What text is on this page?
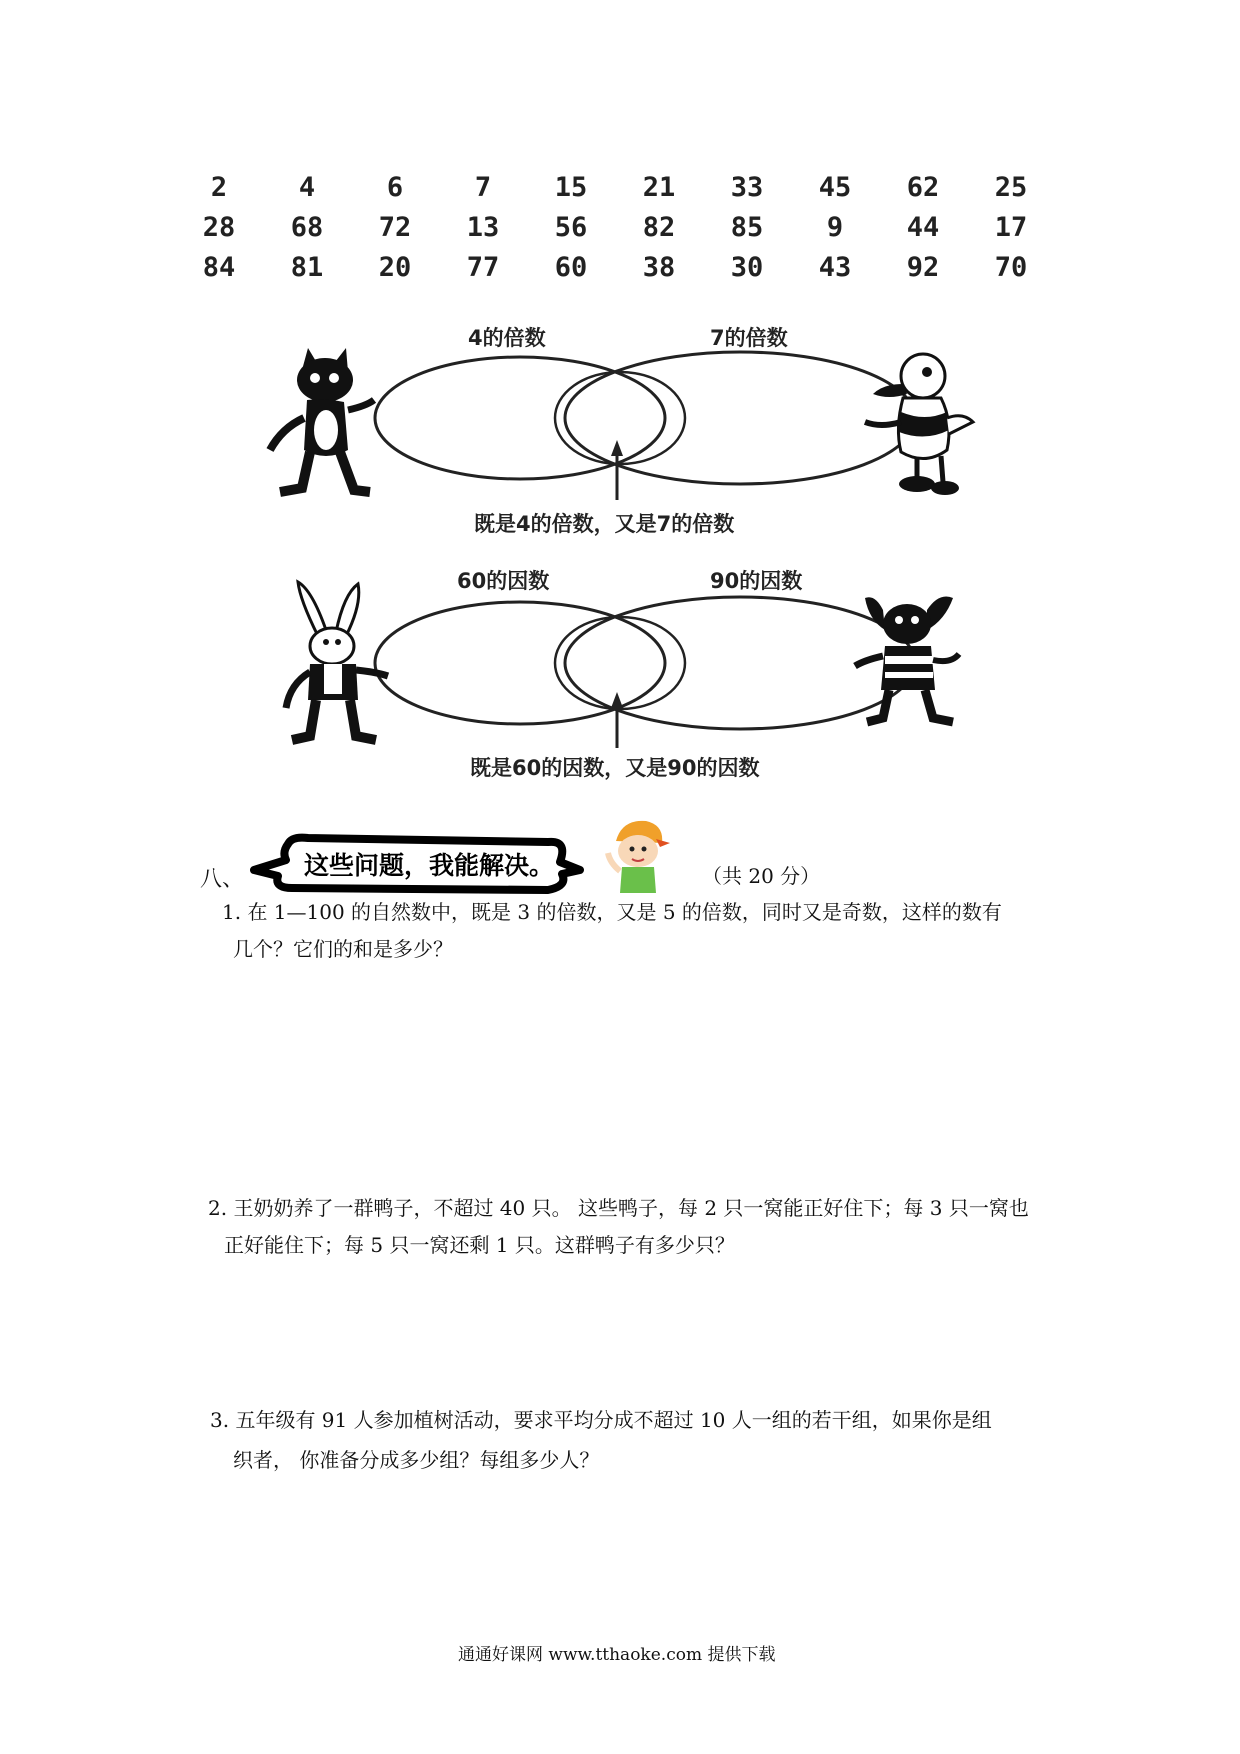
2	4	6	7	15	21	33	45	62	25
28	68	72	13	56	82	85	9	44	17
84	81	20	77	60	38	30	43	92	70
4的倍数	7的倍数
既是4的倍数，又是7的倍数
60的因数	90的因数
既是60的因数，又是90的因数
八、 这些问题，我能解决。	（共 20 分）
1. 在 1—100 的自然数中，既是 3 的倍数，又是 5 的倍数，同时又是奇数，这样的数有
几个？它们的和是多少？
2. 王奶奶养了一群鸭子，不超过 40 只。 这些鸭子，每 2 只一窝能正好住下；每 3 只一窝也
正好能住下；每 5 只一窝还剩 1 只。这群鸭子有多少只？
3. 五年级有 91 人参加植树活动，要求平均分成不超过 10 人一组的若干组，如果你是组
织者， 你准备分成多少组？每组多少人？
通通好课网 www.tthaoke.com 提供下载
